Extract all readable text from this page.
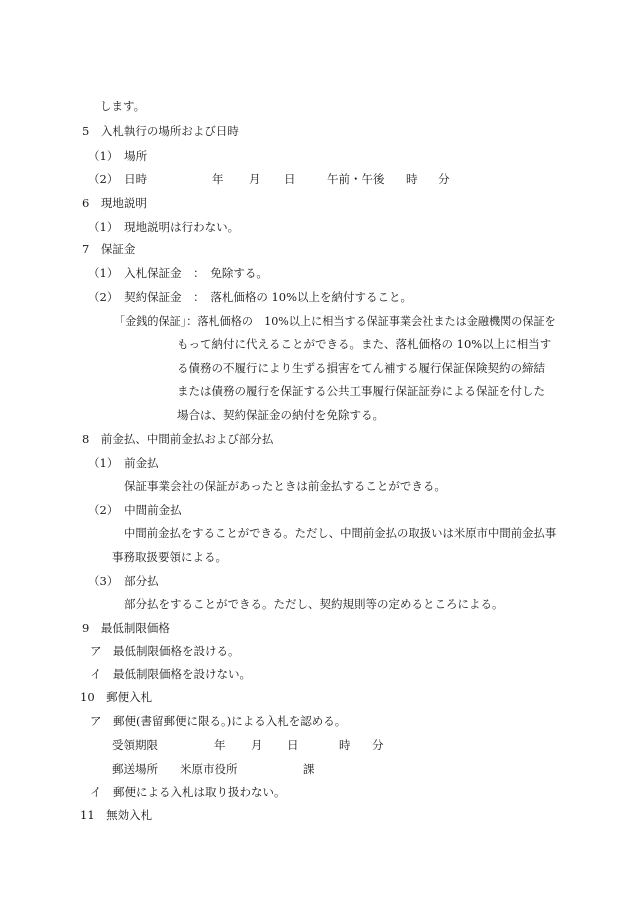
します。
5　入札執行の場所および日時
（1）　場所
（2）　日時	年 月 日	午前・午後 時 分
6　現地説明
（1）　現地説明は行わない。
7　保証金
（1）　入札保証金　：　免除する。
（2）　契約保証金　：　落札価格の 10%以上を納付すること。
「金銭的保証」：落札価格の　10%以上に相当する保証事業会社または金融機関の保証を
もって納付に代えることができる。また、落札価格の 10%以上に相当す
る債務の不履行により生ずる損害をてん補する履行保証保険契約の締結
または債務の履行を保証する公共工事履行保証証券による保証を付した
場合は、契約保証金の納付を免除する。
8　前金払、中間前金払および部分払
（1）　前金払
保証事業会社の保証があったときは前金払することができる。
（2）　中間前金払
中間前金払をすることができる。ただし、中間前金払の取扱いは米原市中間前金払事
事務取扱要領による。
（3）　部分払
部分払をすることができる。ただし、契約規則等の定めるところによる。
9　最低制限価格
ア　最低制限価格を設ける。
イ　最低制限価格を設けない。
10　郵便入札
ア　郵便(書留郵便に限る。)による入札を認める。
受領期限	年 月 日	時 分
郵送場所 米原市役所	課
イ　郵便による入札は取り扱わない。
11　無効入札
